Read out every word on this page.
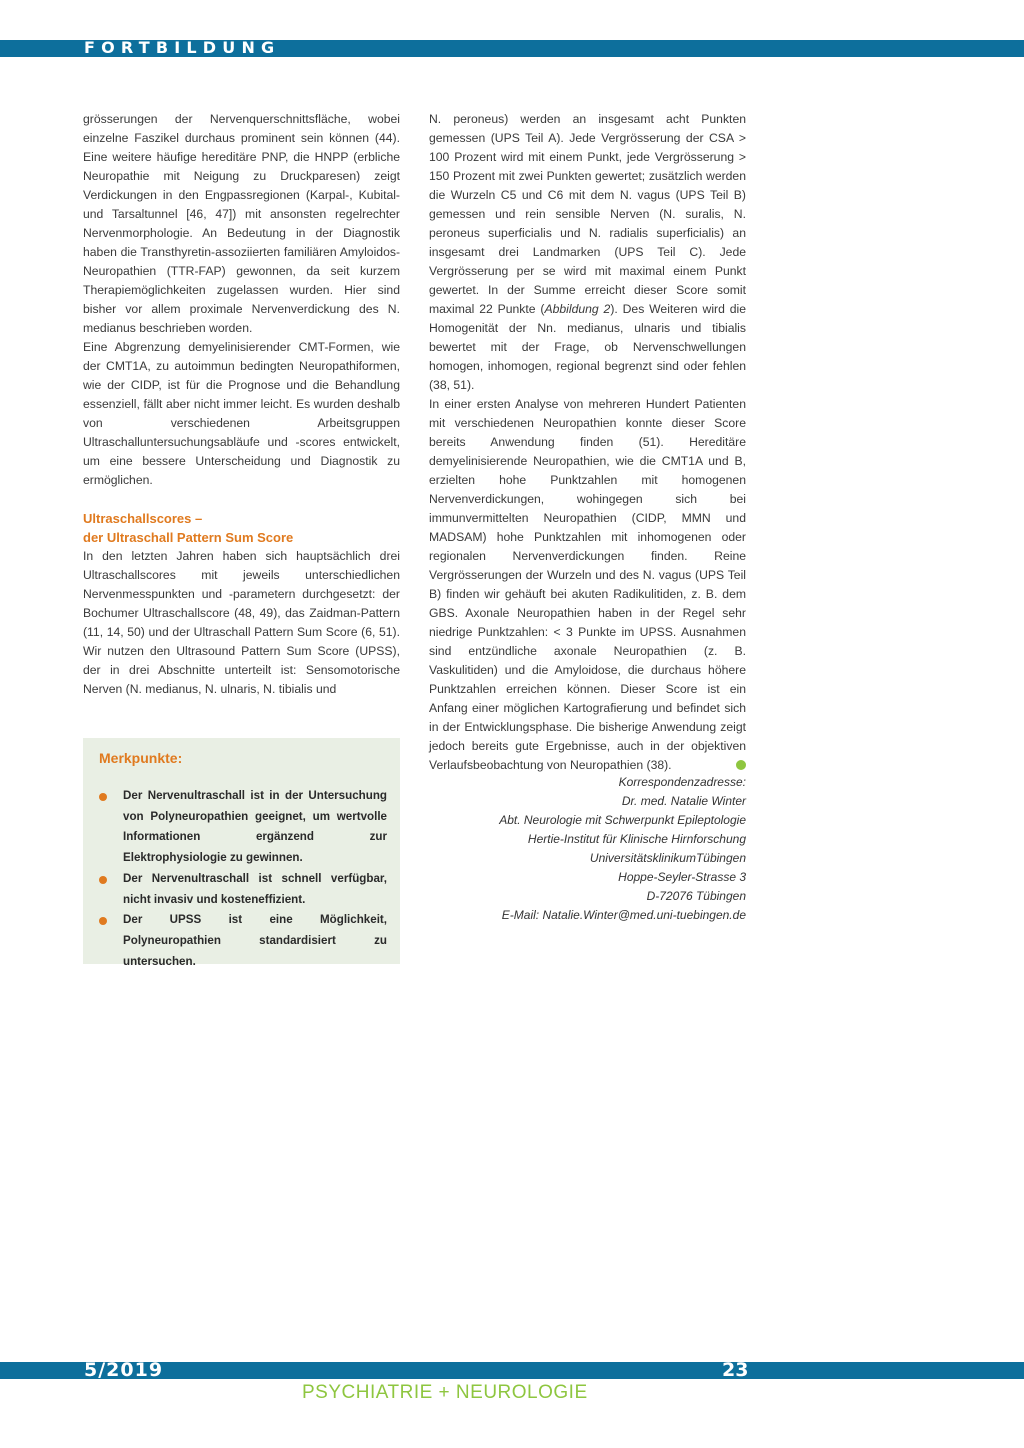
FORTBILDUNG

grösserungen der Nervenquerschnittsfläche, wobei einzelne Faszikel durchaus prominent sein können (44). Eine weitere häufige hereditäre PNP, die HNPP (erbliche Neuropathie mit Neigung zu Druckparesen) zeigt Verdickungen in den Engpassregionen (Karpal-, Kubital- und Tarsaltunnel [46, 47]) mit ansonsten regelrechter Nervenmorphologie. An Bedeutung in der Diagnostik haben die Transthyretin-assoziierten familiären Amyloidos-Neuropathien (TTR-FAP) gewonnen, da seit kurzem Therapiemöglichkeiten zugelassen wurden. Hier sind bisher vor allem proximale Nervenverdickung des N. medianus beschrieben worden.

Eine Abgrenzung demyelinisierender CMT-Formen, wie der CMT1A, zu autoimmun bedingten Neuropathiformen, wie der CIDP, ist für die Prognose und die Behandlung essenziell, fällt aber nicht immer leicht. Es wurden deshalb von verschiedenen Arbeitsgruppen Ultraschalluntersuchungsabläufe und -scores entwickelt, um eine bessere Unterscheidung und Diagnostik zu ermöglichen.

Ultraschallscores –
der Ultraschall Pattern Sum Score

In den letzten Jahren haben sich hauptsächlich drei Ultraschallscores mit jeweils unterschiedlichen Nervenmesspunkten und -parametern durchgesetzt: der Bochumer Ultraschallscore (48, 49), das Zaidman-Pattern (11, 14, 50) und der Ultraschall Pattern Sum Score (6, 51). Wir nutzen den Ultrasound Pattern Sum Score (UPSS), der in drei Abschnitte unterteilt ist: Sensomotorische Nerven (N. medianus, N. ulnaris, N. tibialis und

Merkpunkte:
Der Nervenultraschall ist in der Untersuchung von Polyneuropathien geeignet, um wertvolle Informationen ergänzend zur Elektrophysiologie zu gewinnen.
Der Nervenultraschall ist schnell verfügbar, nicht invasiv und kosteneffizient.
Der UPSS ist eine Möglichkeit, Polyneuropathien standardisiert zu untersuchen.

N. peroneus) werden an insgesamt acht Punkten gemessen (UPS Teil A). Jede Vergrösserung der CSA > 100 Prozent wird mit einem Punkt, jede Vergrösserung > 150 Prozent mit zwei Punkten gewertet; zusätzlich werden die Wurzeln C5 und C6 mit dem N. vagus (UPS Teil B) gemessen und rein sensible Nerven (N. suralis, N. peroneus superficialis und N. radialis superficialis) an insgesamt drei Landmarken (UPS Teil C). Jede Vergrösserung per se wird mit maximal einem Punkt gewertet. In der Summe erreicht dieser Score somit maximal 22 Punkte (Abbildung 2). Des Weiteren wird die Homogenität der Nn. medianus, ulnaris und tibialis bewertet mit der Frage, ob Nervenschwellungen homogen, inhomogen, regional begrenzt sind oder fehlen (38, 51).

In einer ersten Analyse von mehreren Hundert Patienten mit verschiedenen Neuropathien konnte dieser Score bereits Anwendung finden (51). Hereditäre demyelinisierende Neuropathien, wie die CMT1A und B, erzielten hohe Punktzahlen mit homogenen Nervenverdickungen, wohingegen sich bei immunvermittelten Neuropathien (CIDP, MMN und MADSAM) hohe Punktzahlen mit inhomogenen oder regionalen Nervenverdickungen finden. Reine Vergrösserungen der Wurzeln und des N. vagus (UPS Teil B) finden wir gehäuft bei akuten Radikulitiden, z. B. dem GBS. Axonale Neuropathien haben in der Regel sehr niedrige Punktzahlen: < 3 Punkte im UPSS. Ausnahmen sind entzündliche axonale Neuropathien (z. B. Vaskulitiden) und die Amyloidose, die durchaus höhere Punktzahlen erreichen können. Dieser Score ist ein Anfang einer möglichen Kartografierung und befindet sich in der Entwicklungsphase. Die bisherige Anwendung zeigt jedoch bereits gute Ergebnisse, auch in der objektiven Verlaufsbeobachtung von Neuropathien (38).

Korrespondenzadresse:
Dr. med. Natalie Winter
Abt. Neurologie mit Schwerpunkt Epileptologie
Hertie-Institut für Klinische Hirnforschung
UniversitätsklinikumTübingen
Hoppe-Seyler-Strasse 3
D-72076 Tübingen
E-Mail: Natalie.Winter@med.uni-tuebingen.de
5/2019	23
PSYCHIATRIE + NEUROLOGIE
